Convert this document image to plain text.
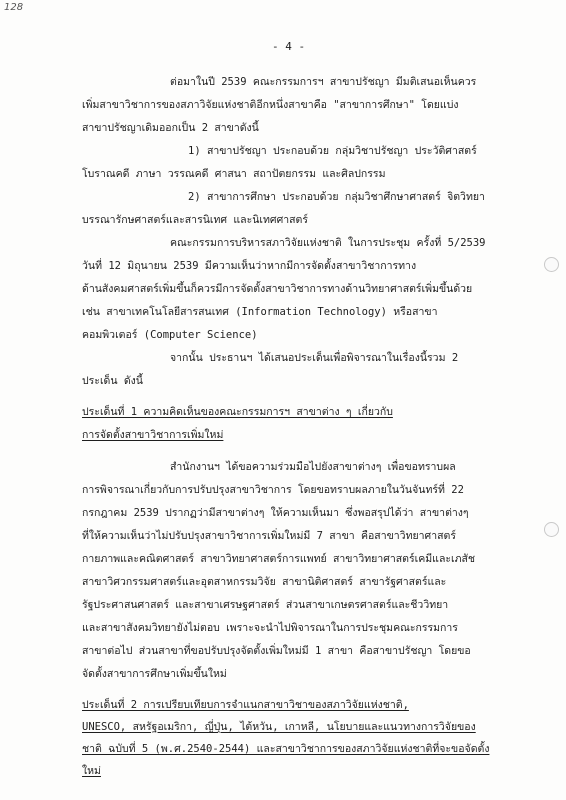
128
- 4 -
ต่อมาในปี 2539 คณะกรรมการฯ สาขาปรัชญา มีมติเสนอเห็นควร
เพิ่มสาขาวิชาการของสภาวิจัยแห่งชาติอีกหนึ่งสาขาคือ "สาขาการศึกษา" โดยแบ่ง
สาขาปรัชญาเดิมออกเป็น 2 สาขาดังนี้
1) สาขาปรัชญา ประกอบด้วย กลุ่มวิชาปรัชญา ประวัติศาสตร์
โบราณคดี ภาษา วรรณคดี ศาสนา สถาปัตยกรรม และศิลปกรรม
2) สาขาการศึกษา ประกอบด้วย กลุ่มวิชาศึกษาศาสตร์ จิตวิทยา
บรรณารักษศาสตร์และสารนิเทศ และนิเทศศาสตร์
คณะกรรมการบริหารสภาวิจัยแห่งชาติ ในการประชุม ครั้งที่ 5/2539
วันที่ 12 มิถุนายน 2539 มีความเห็นว่าหากมีการจัดตั้งสาขาวิชาการทาง
ด้านสังคมศาสตร์เพิ่มขึ้นก็ควรมีการจัดตั้งสาขาวิชาการทางด้านวิทยาศาสตร์เพิ่มขึ้นด้วย
เช่น สาขาเทคโนโลยีสารสนเทศ (Information Technology) หรือสาขา
คอมพิวเตอร์ (Computer Science)
จากนั้น ประธานฯ ได้เสนอประเด็นเพื่อพิจารณาในเรื่องนี้รวม 2
ประเด็น ดังนี้
ประเด็นที่ 1 ความคิดเห็นของคณะกรรมการฯ สาขาต่าง ๆ เกี่ยวกับ
การจัดตั้งสาขาวิชาการเพิ่มใหม่
สำนักงานฯ ได้ขอความร่วมมือไปยังสาขาต่างๆ เพื่อขอทราบผล
การพิจารณาเกี่ยวกับการปรับปรุงสาขาวิชาการ โดยขอทราบผลภายในวันจันทร์ที่ 22
กรกฎาคม 2539 ปรากฏว่ามีสาขาต่างๆ ให้ความเห็นมา ซึ่งพอสรุปได้ว่า สาขาต่างๆ
ที่ให้ความเห็นว่าไม่ปรับปรุงสาขาวิชาการเพิ่มใหม่มี 7 สาขา คือสาขาวิทยาศาสตร์
กายภาพและคณิตศาสตร์ สาขาวิทยาศาสตร์การแพทย์ สาขาวิทยาศาสตร์เคมีและเภสัช
สาขาวิศวกรรมศาสตร์และอุตสาหกรรมวิจัย สาขานิติศาสตร์ สาขารัฐศาสตร์และ
รัฐประศาสนศาสตร์ และสาขาเศรษฐศาสตร์ ส่วนสาขาเกษตรศาสตร์และชีววิทยา
และสาขาสังคมวิทยายังไม่ตอบ เพราะจะนำไปพิจารณาในการประชุมคณะกรรมการ
สาขาต่อไป ส่วนสาขาที่ขอปรับปรุงจัดตั้งเพิ่มใหม่มี 1 สาขา คือสาขาปรัชญา โดยขอ
จัดตั้งสาขาการศึกษาเพิ่มขึ้นใหม่
ประเด็นที่ 2 การเปรียบเทียบการจำแนกสาขาวิชาของสภาวิจัยแห่งชาติ,
UNESCO, สหรัฐอเมริกา, ญี่ปุ่น, ไต้หวัน, เกาหลี, นโยบายและแนวทางการวิจัยของ
ชาติ ฉบับที่ 5 (พ.ศ.2540-2544) และสาขาวิชาการของสภาวิจัยแห่งชาติที่จะขอจัดตั้ง
ใหม่
